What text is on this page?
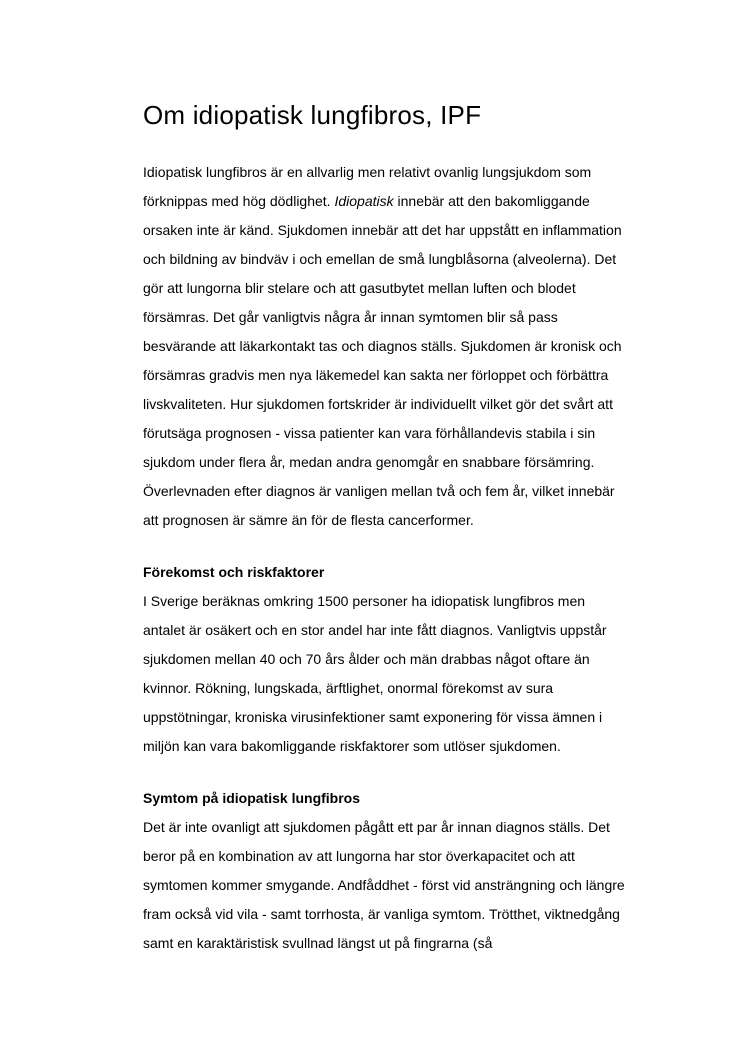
Om idiopatisk lungfibros, IPF

Idiopatisk lungfibros är en allvarlig men relativt ovanlig lungsjukdom som förknippas med hög dödlighet. Idiopatisk innebär att den bakomliggande orsaken inte är känd. Sjukdomen innebär att det har uppstått en inflammation och bildning av bindväv i och emellan de små lungblåsorna (alveolerna). Det gör att lungorna blir stelare och att gasutbytet mellan luften och blodet försämras. Det går vanligtvis några år innan symtomen blir så pass besvärande att läkarkontakt tas och diagnos ställs. Sjukdomen är kronisk och försämras gradvis men nya läkemedel kan sakta ner förloppet och förbättra livskvaliteten. Hur sjukdomen fortskrider är individuellt vilket gör det svårt att förutsäga prognosen - vissa patienter kan vara förhållandevis stabila i sin sjukdom under flera år, medan andra genomgår en snabbare försämring. Överlevnaden efter diagnos är vanligen mellan två och fem år, vilket innebär att prognosen är sämre än för de flesta cancerformer.

Förekomst och riskfaktorer

I Sverige beräknas omkring 1500 personer ha idiopatisk lungfibros men antalet är osäkert och en stor andel har inte fått diagnos. Vanligtvis uppstår sjukdomen mellan 40 och 70 års ålder och män drabbas något oftare än kvinnor. Rökning, lungskada, ärftlighet, onormal förekomst av sura uppstötningar, kroniska virusinfektioner samt exponering för vissa ämnen i miljön kan vara bakomliggande riskfaktorer som utlöser sjukdomen.

Symtom på idiopatisk lungfibros

Det är inte ovanligt att sjukdomen pågått ett par år innan diagnos ställs. Det beror på en kombination av att lungorna har stor överkapacitet och att symtomen kommer smygande. Andfåddhet - först vid ansträngning och längre fram också vid vila - samt torrhosta, är vanliga symtom. Trötthet, viktnedgång samt en karaktäristisk svullnad längst ut på fingrarna (så
